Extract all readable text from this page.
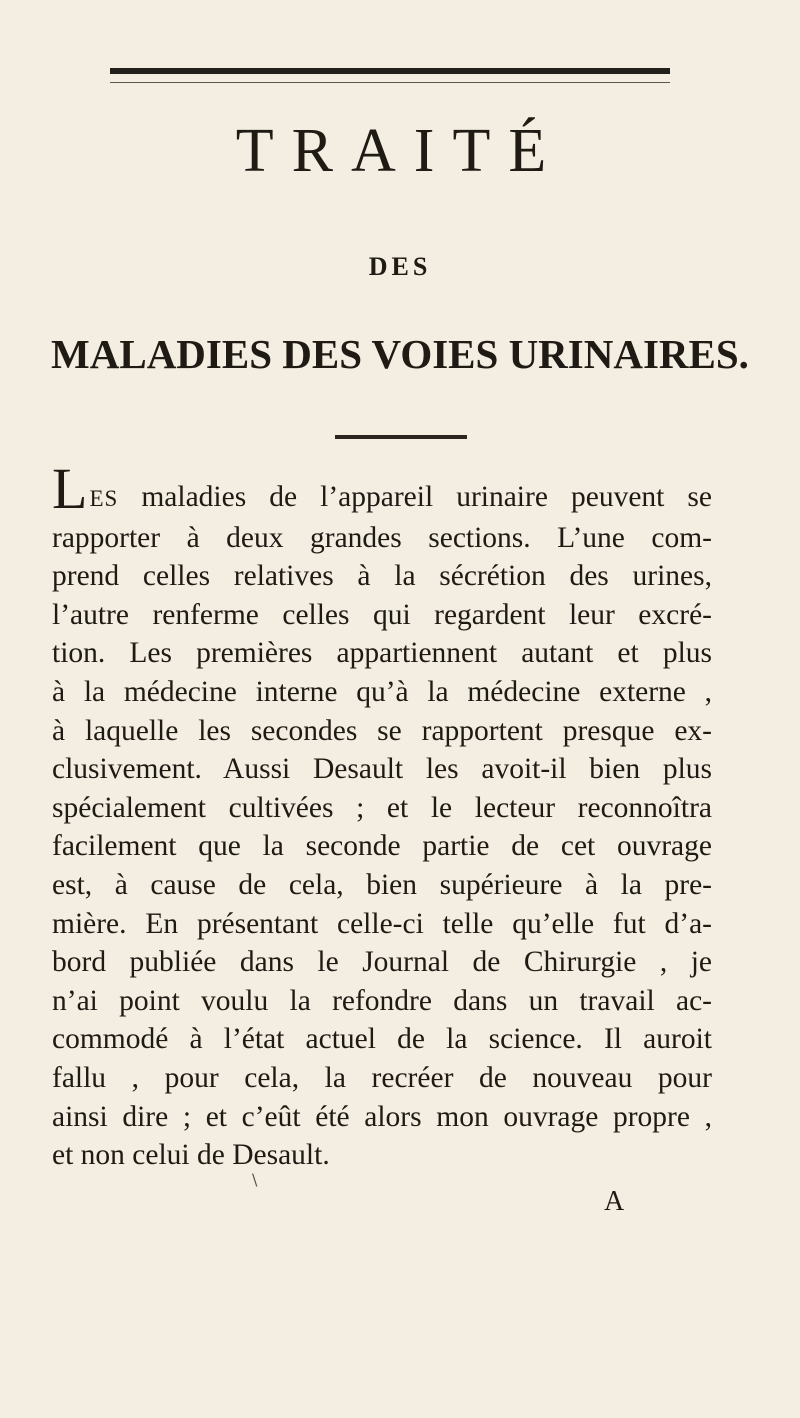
TRAITÉ
DES
MALADIES DES VOIES URINAIRES.
LES maladies de l’appareil urinaire peuvent se
rapporter à deux grandes sections. L’une com-
prend celles relatives à la sécrétion des urines,
l’autre renferme celles qui regardent leur excré-
tion. Les premières appartiennent autant et plus
à la médecine interne qu’à la médecine externe ,
à laquelle les secondes se rapportent presque ex-
clusivement. Aussi Desault les avoit-il bien plus
spécialement cultivées ; et le lecteur reconnoîtra
facilement que la seconde partie de cet ouvrage
est, à cause de cela, bien supérieure à la pre-
mière. En présentant celle-ci telle qu’elle fut d’a-
bord publiée dans le Journal de Chirurgie , je
n’ai point voulu la refondre dans un travail ac-
commodé à l’état actuel de la science. Il auroit
fallu , pour cela, la recréer de nouveau pour
ainsi dire ; et c’eût été alors mon ouvrage propre ,
et non celui de Desault.
\
A
